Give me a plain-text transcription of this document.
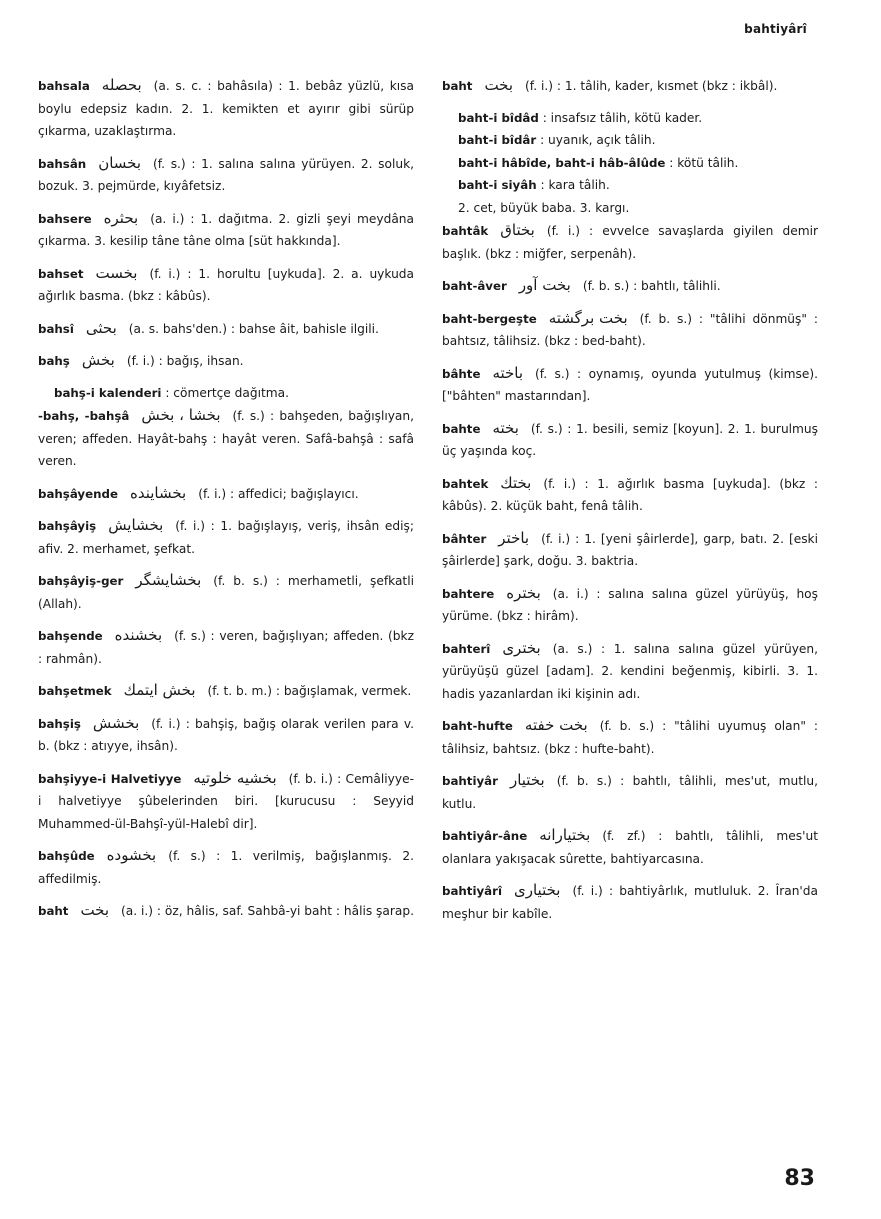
bahtiyârî
bahsala بحصله (a. s. c. : bahâsıla) : 1. bebâz yüzlü, kısa boylu edepsiz kadın. 2. 1. kemikten et ayırır gibi sürüp çıkarma, uzaklaştırma.
bahsân بخسان (f. s.) : 1. salına salına yürüyen. 2. soluk, bozuk. 3. pejmürde, kıyâfetsiz.
bahsere بحثره (a. i.) : 1. dağıtma. 2. gizli şeyi meydâna çıkarma. 3. kesilip tâne tâne olma [süt hakkında].
bahset بخست (f. i.) : 1. horultu [uykuda]. 2. a. uykuda ağırlık basma. (bkz : kâbûs).
bahsî بحثی (a. s. bahs'den.) : bahse âit, bahisle ilgili.
bahş بخش (f. i.) : bağış, ihsan.
bahş-i kalenderi : cömertçe dağıtma.
-bahş, -bahşâ بخشا ، بخش (f. s.) : bahşeden, bağışlıyan, veren; affeden. Hayât-bahş : hayât veren. Safâ-bahşâ : safâ veren.
bahşâyende بخشاینده (f. i.) : affedici; bağışlayıcı.
bahşâyiş بخشایش (f. i.) : 1. bağışlayış, veriş, ihsân ediş; afiv. 2. merhamet, şefkat.
bahşâyiş-ger بخشایشگر (f. b. s.) : merhametli, şefkatli (Allah).
bahşende بخشنده (f. s.) : veren, bağışlıyan; affeden. (bkz : rahmân).
bahşetmek بخش ایتمك (f. t. b. m.) : bağışlamak, vermek.
bahşiş بخشش (f. i.) : bahşiş, bağış olarak verilen para v. b. (bkz : atıyye, ihsân).
bahşiyye-i Halvetiyye بخشیه خلوتیه (f. b. i.) : Cemâliyye-i halvetiyye şûbelerinden biri. [kurucusu : Seyyid Muhammed-ül-Bahşî-yül-Halebî dir].
bahşûde بخشوده (f. s.) : 1. verilmiş, bağışlanmış. 2. affedilmiş.
baht بخت (a. i.) : öz, hâlis, saf. Sahbâ-yi baht : hâlis şarap.
baht بخت (f. i.) : 1. tâlih, kader, kısmet (bkz : ikbâl).
baht-i bîdâd : insafsız tâlih, kötü kader.
baht-i bîdâr : uyanık, açık tâlih.
baht-i hâbîde, baht-i hâb-âlûde : kötü tâlih.
baht-i siyâh : kara tâlih.
2. cet, büyük baba. 3. kargı.
bahtâk بختاق (f. i.) : evvelce savaşlarda giyilen demir başlık. (bkz : miğfer, serpenâh).
baht-âver بخت آور (f. b. s.) : bahtlı, tâlihli.
baht-bergeşte بخت برگشته (f. b. s.) : "tâlihi dönmüş" : bahtsız, tâlihsiz. (bkz : bed-baht).
bâhte باخته (f. s.) : oynamış, oyunda yutulmuş (kimse). ["bâhten" mastarından].
bahte بخته (f. s.) : 1. besili, semiz [koyun]. 2. 1. burulmuş üç yaşında koç.
bahtek بختك (f. i.) : 1. ağırlık basma [uykuda]. (bkz : kâbûs). 2. küçük baht, fenâ tâlih.
bâhter باختر (f. i.) : 1. [yeni şâirlerde], garp, batı. 2. [eski şâirlerde] şark, doğu. 3. baktria.
bahtere بختره (a. i.) : salına salına güzel yürüyüş, hoş yürüme. (bkz : hirâm).
bahterî بختری (a. s.) : 1. salına salına güzel yürüyen, yürüyüşü güzel [adam]. 2. kendini beğenmiş, kibirli. 3. 1. hadis yazanlardan iki kişinin adı.
baht-hufte بخت خفته (f. b. s.) : "tâlihi uyumuş olan" : tâlihsiz, bahtsız. (bkz : hufte-baht).
bahtiyâr بختیار (f. b. s.) : bahtlı, tâlihli, mes'ut, mutlu, kutlu.
bahtiyâr-âne بختیارانه (f. zf.) : bahtlı, tâlihli, mes'ut olanlara yakışacak sûrette, bahtiyarcasına.
bahtiyârî بختیاری (f. i.) : bahtiyârlık, mutluluk. 2. Îran'da meşhur bir kabîle.
83
